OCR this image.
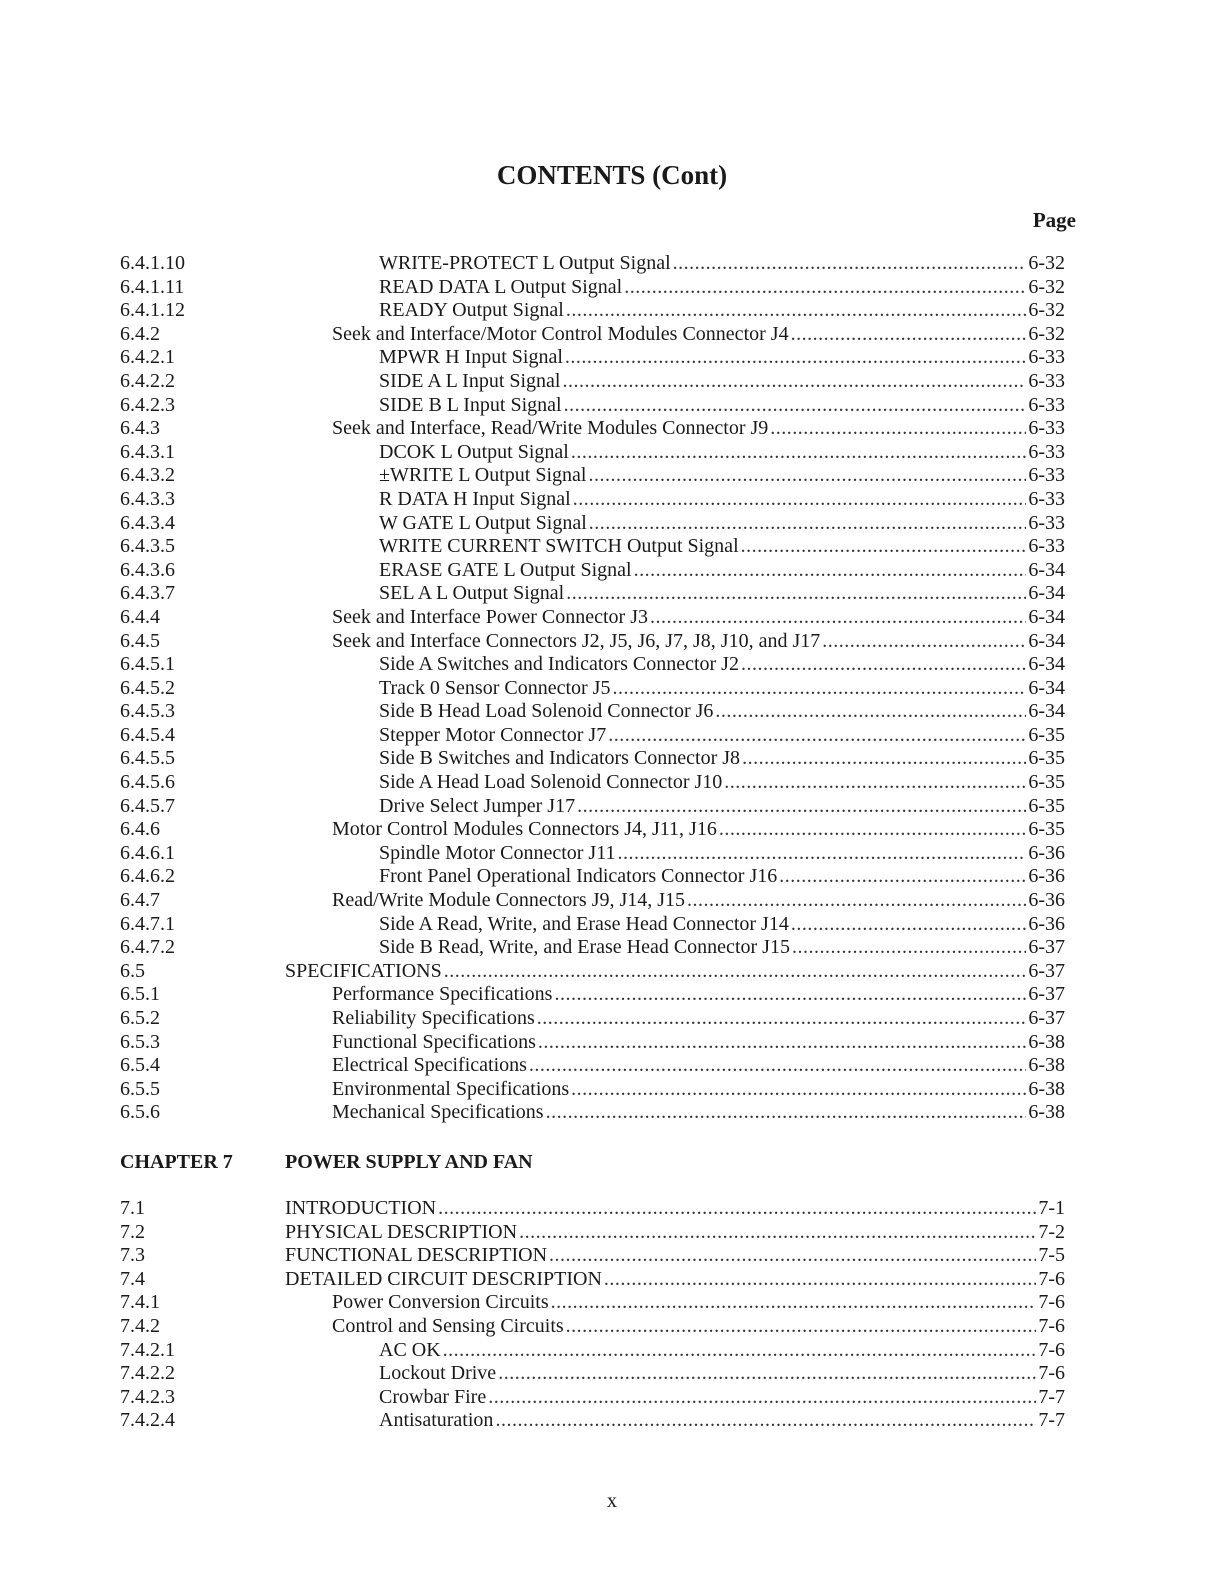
CONTENTS (Cont)
Page
6.4.1.10	WRITE-PROTECT L Output Signal .....	6-32
6.4.1.11	READ DATA L Output Signal .....	6-32
6.4.1.12	READY Output Signal .....	6-32
6.4.2	Seek and Interface/Motor Control Modules Connector J4 .....	6-32
6.4.2.1	MPWR H Input Signal .....	6-33
6.4.2.2	SIDE A L Input Signal .....	6-33
6.4.2.3	SIDE B L Input Signal .....	6-33
6.4.3	Seek and Interface, Read/Write Modules Connector J9 .....	6-33
6.4.3.1	DCOK L Output Signal .....	6-33
6.4.3.2	±WRITE L Output Signal .....	6-33
6.4.3.3	R DATA H Input Signal .....	6-33
6.4.3.4	W GATE L Output Signal .....	6-33
6.4.3.5	WRITE CURRENT SWITCH Output Signal .....	6-33
6.4.3.6	ERASE GATE L Output Signal .....	6-34
6.4.3.7	SEL A L Output Signal .....	6-34
6.4.4	Seek and Interface Power Connector J3 .....	6-34
6.4.5	Seek and Interface Connectors J2, J5, J6, J7, J8, J10, and J17 .....	6-34
6.4.5.1	Side A Switches and Indicators Connector J2 .....	6-34
6.4.5.2	Track 0 Sensor Connector J5 .....	6-34
6.4.5.3	Side B Head Load Solenoid Connector J6 .....	6-34
6.4.5.4	Stepper Motor Connector J7 .....	6-35
6.4.5.5	Side B Switches and Indicators Connector J8 .....	6-35
6.4.5.6	Side A Head Load Solenoid Connector J10 .....	6-35
6.4.5.7	Drive Select Jumper J17 .....	6-35
6.4.6	Motor Control Modules Connectors J4, J11, J16 .....	6-35
6.4.6.1	Spindle Motor Connector J11 .....	6-36
6.4.6.2	Front Panel Operational Indicators Connector J16 .....	6-36
6.4.7	Read/Write Module Connectors J9, J14, J15 .....	6-36
6.4.7.1	Side A Read, Write, and Erase Head Connector J14 .....	6-36
6.4.7.2	Side B Read, Write, and Erase Head Connector J15 .....	6-37
6.5	SPECIFICATIONS .....	6-37
6.5.1	Performance Specifications .....	6-37
6.5.2	Reliability Specifications .....	6-37
6.5.3	Functional Specifications .....	6-38
6.5.4	Electrical Specifications .....	6-38
6.5.5	Environmental Specifications .....	6-38
6.5.6	Mechanical Specifications .....	6-38
CHAPTER 7	POWER SUPPLY AND FAN
7.1	INTRODUCTION .....	7-1
7.2	PHYSICAL DESCRIPTION .....	7-2
7.3	FUNCTIONAL DESCRIPTION .....	7-5
7.4	DETAILED CIRCUIT DESCRIPTION .....	7-6
7.4.1	Power Conversion Circuits .....	7-6
7.4.2	Control and Sensing Circuits .....	7-6
7.4.2.1	AC OK .....	7-6
7.4.2.2	Lockout Drive .....	7-6
7.4.2.3	Crowbar Fire .....	7-7
7.4.2.4	Antisaturation .....	7-7
x
